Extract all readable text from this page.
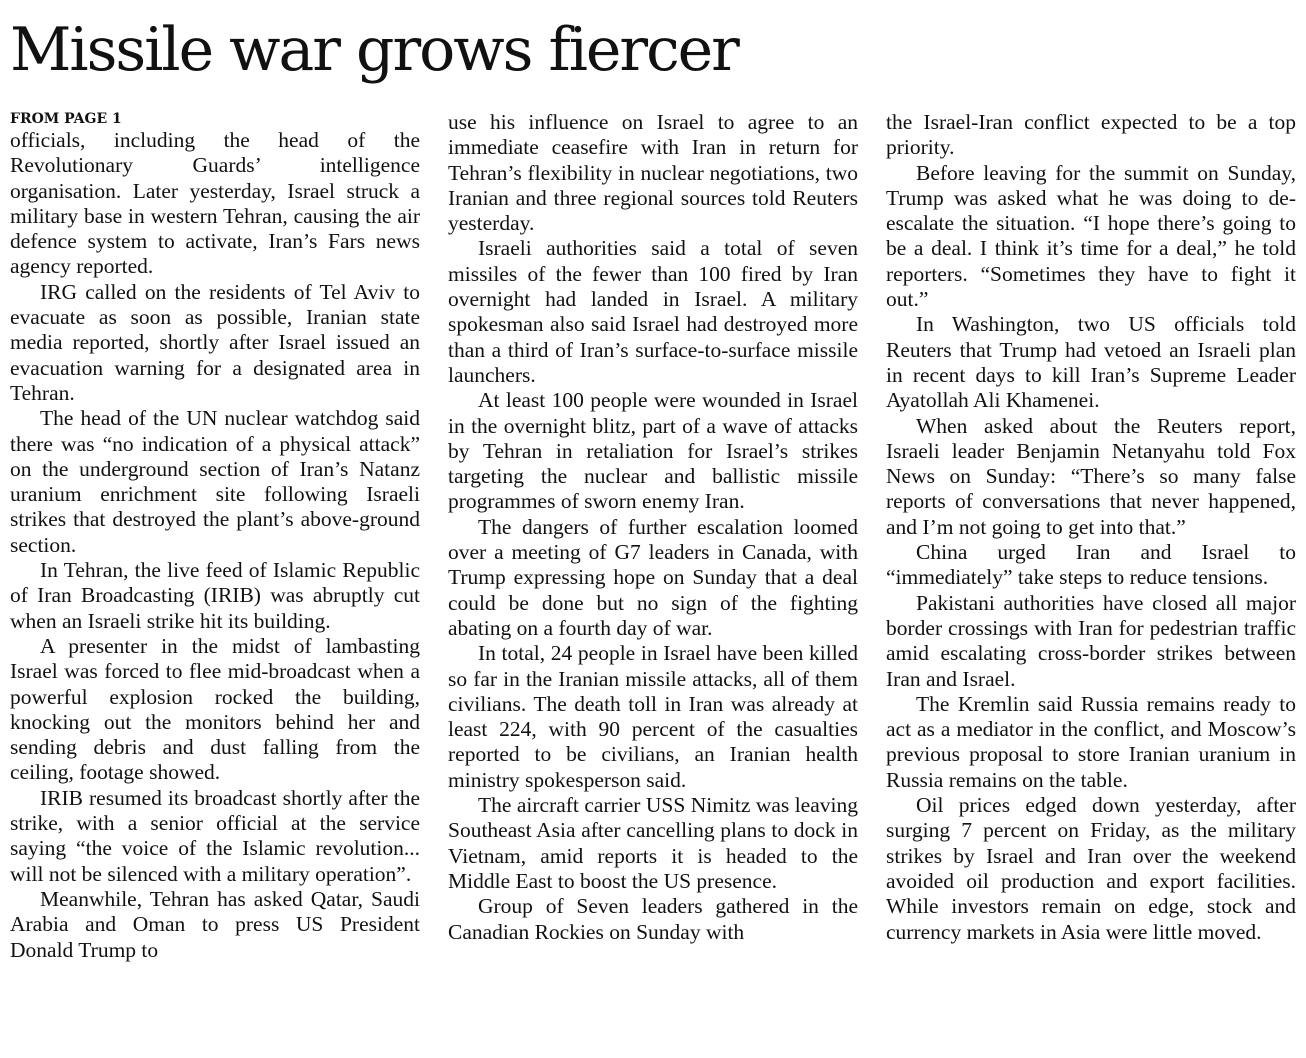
Missile war grows fiercer
FROM PAGE 1

officials, including the head of the Revolutionary Guards’ intelligence organisation. Later yesterday, Israel struck a military base in western Tehran, causing the air defence system to activate, Iran’s Fars news agency reported.

IRG called on the residents of Tel Aviv to evacuate as soon as possible, Iranian state media reported, shortly after Israel issued an evacuation warning for a designated area in Tehran.

The head of the UN nuclear watchdog said there was “no indication of a physical attack” on the underground section of Iran’s Natanz uranium enrichment site following Israeli strikes that destroyed the plant’s above-ground section.

In Tehran, the live feed of Islamic Republic of Iran Broadcasting (IRIB) was abruptly cut when an Israeli strike hit its building.

A presenter in the midst of lambasting Israel was forced to flee mid-broadcast when a powerful explosion rocked the building, knocking out the monitors behind her and sending debris and dust falling from the ceiling, footage showed.

IRIB resumed its broadcast shortly after the strike, with a senior official at the service saying “the voice of the Islamic revolution... will not be silenced with a military operation”.

Meanwhile, Tehran has asked Qatar, Saudi Arabia and Oman to press US President Donald Trump to

use his influence on Israel to agree to an immediate ceasefire with Iran in return for Tehran’s flexibility in nuclear negotiations, two Iranian and three regional sources told Reuters yesterday.

Israeli authorities said a total of seven missiles of the fewer than 100 fired by Iran overnight had landed in Israel. A military spokesman also said Israel had destroyed more than a third of Iran’s surface-to-surface missile launchers.

At least 100 people were wounded in Israel in the overnight blitz, part of a wave of attacks by Tehran in retaliation for Israel’s strikes targeting the nuclear and ballistic missile programmes of sworn enemy Iran.

The dangers of further escalation loomed over a meeting of G7 leaders in Canada, with Trump expressing hope on Sunday that a deal could be done but no sign of the fighting abating on a fourth day of war.

In total, 24 people in Israel have been killed so far in the Iranian missile attacks, all of them civilians. The death toll in Iran was already at least 224, with 90 percent of the casualties reported to be civilians, an Iranian health ministry spokesperson said.

The aircraft carrier USS Nimitz was leaving Southeast Asia after cancelling plans to dock in Vietnam, amid reports it is headed to the Middle East to boost the US presence.

Group of Seven leaders gathered in the Canadian Rockies on Sunday with

the Israel-Iran conflict expected to be a top priority.

Before leaving for the summit on Sunday, Trump was asked what he was doing to de-escalate the situation. “I hope there’s going to be a deal. I think it’s time for a deal,” he told reporters. “Sometimes they have to fight it out.”

In Washington, two US officials told Reuters that Trump had vetoed an Israeli plan in recent days to kill Iran’s Supreme Leader Ayatollah Ali Khamenei.

When asked about the Reuters report, Israeli leader Benjamin Netanyahu told Fox News on Sunday: “There’s so many false reports of conversations that never happened, and I’m not going to get into that.”

China urged Iran and Israel to “immediately” take steps to reduce tensions.

Pakistani authorities have closed all major border crossings with Iran for pedestrian traffic amid escalating cross-border strikes between Iran and Israel.

The Kremlin said Russia remains ready to act as a mediator in the conflict, and Moscow’s previous proposal to store Iranian uranium in Russia remains on the table.

Oil prices edged down yesterday, after surging 7 percent on Friday, as the military strikes by Israel and Iran over the weekend avoided oil production and export facilities. While investors remain on edge, stock and currency markets in Asia were little moved.
